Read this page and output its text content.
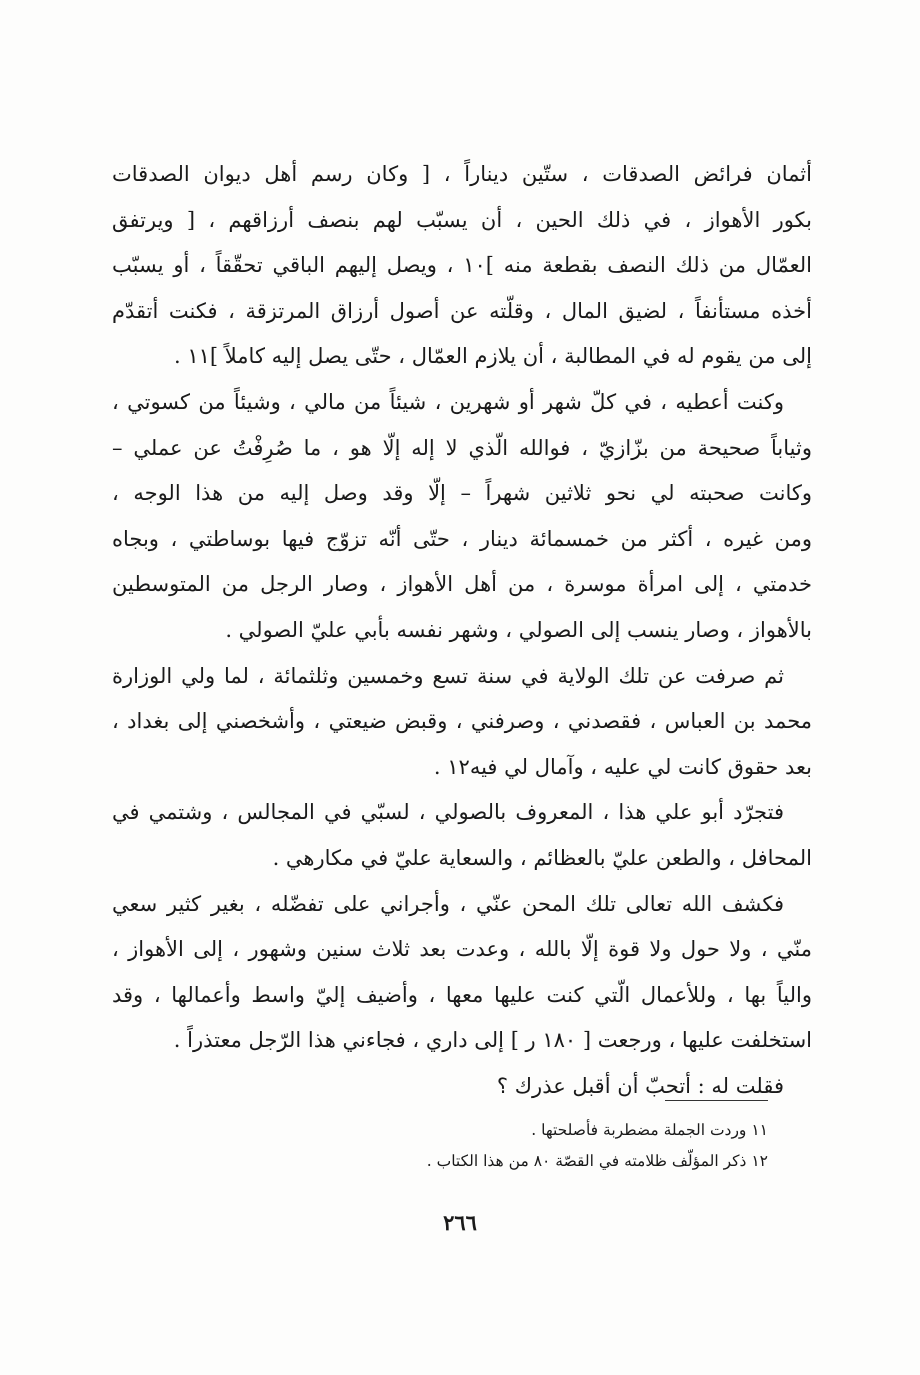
أثمان فرائض الصدقات ، ستّين ديناراً ، [ وكان رسم أهل ديوان الصدقات
بكور الأهواز ، في ذلك الحين ، أن يسبّب لهم بنصف أرزاقهم ، [ ويرتفق
العمّال من ذلك النصف بقطعة منه ]١٠ ، ويصل إليهم الباقي تحقّقاً ، أو يسبّب
أخذه مستأنفاً ، لضيق المال ، وقلّته عن أصول أرزاق المرتزقة ، فكنت أتقدّم
إلى من يقوم له في المطالبة ، أن يلازم العمّال ، حتّى يصل إليه كاملاً ]١١ .
وكنت أعطيه ، في كلّ شهر أو شهرين ، شيئاً من مالي ، وشيئاً من كسوتي ،
وثياباً صحيحة من بزّازيّ ، فوالله الّذي لا إله إلّا هو ، ما صُرِفْتُ عن عملي –
وكانت صحبته لي نحو ثلاثين شهراً – إلّا وقد وصل إليه من هذا الوجه ،
ومن غيره ، أكثر من خمسمائة دينار ، حتّى أنّه تزوّج فيها بوساطتي ، وبجاه
خدمتي ، إلى امرأة موسرة ، من أهل الأهواز ، وصار الرجل من المتوسطين
بالأهواز ، وصار ينسب إلى الصولي ، وشهر نفسه بأبي عليّ الصولي .
ثم صرفت عن تلك الولاية في سنة تسع وخمسين وثلثمائة ، لما ولي الوزارة
محمد بن العباس ، فقصدني ، وصرفني ، وقبض ضيعتي ، وأشخصني إلى بغداد ،
بعد حقوق كانت لي عليه ، وآمال لي فيه١٢ .
فتجرّد أبو علي هذا ، المعروف بالصولي ، لسبّي في المجالس ، وشتمي في
المحافل ، والطعن عليّ بالعظائم ، والسعاية عليّ في مكارهي .
فكشف الله تعالى تلك المحن عنّي ، وأجراني على تفضّله ، بغير كثير سعي
منّي ، ولا حول ولا قوة إلّا بالله ، وعدت بعد ثلاث سنين وشهور ، إلى الأهواز ،
والياً بها ، وللأعمال الّتي كنت عليها معها ، وأضيف إليّ واسط وأعمالها ، وقد
استخلفت عليها ، ورجعت [ ١٨٠ ر ] إلى داري ، فجاءني هذا الرّجل معتذراً .
فقلت له : أتحبّ أن أقبل عذرك ؟
١١ وردت الجملة مضطربة فأصلحتها .
١٢ ذكر المؤلّف ظلامته في القصّة ٨٠ من هذا الكتاب .
٢٦٦
